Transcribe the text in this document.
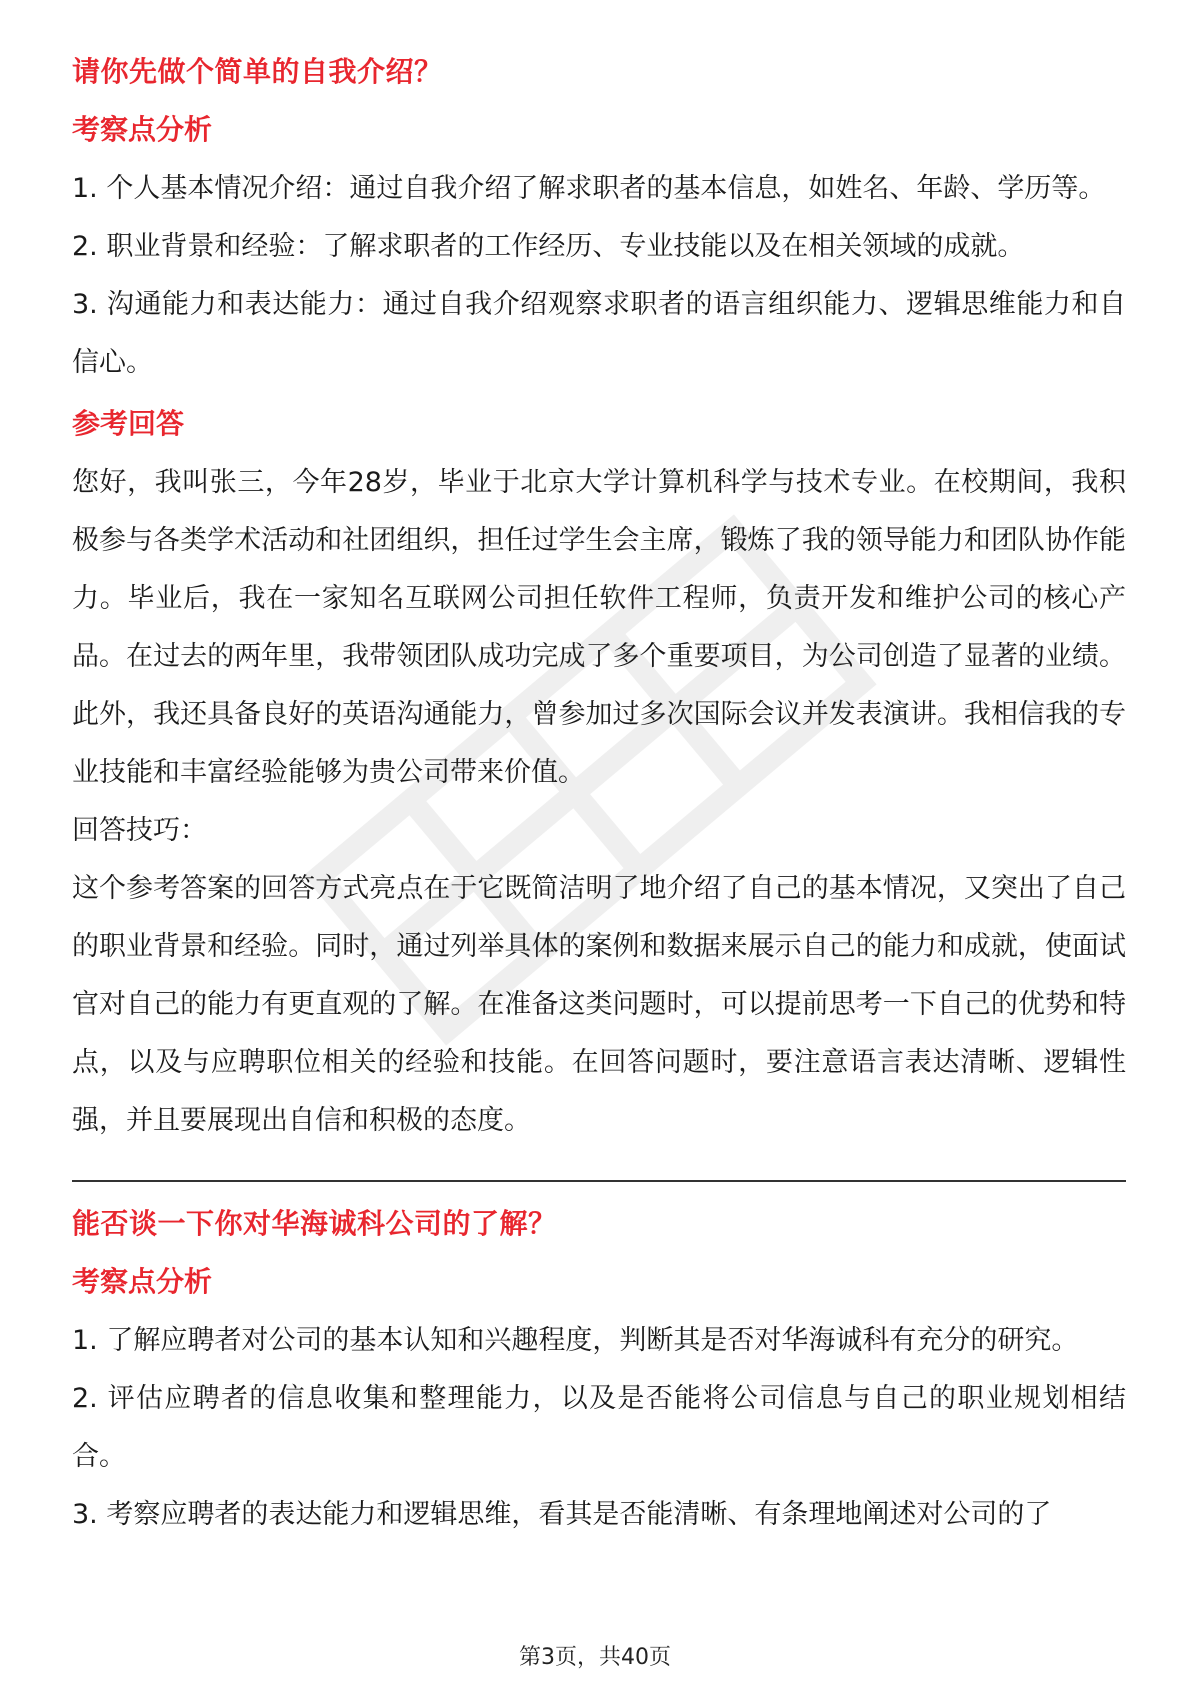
请你先做个简单的自我介绍？
考察点分析
1. 个人基本情况介绍：通过自我介绍了解求职者的基本信息，如姓名、年龄、学历等。
2. 职业背景和经验：了解求职者的工作经历、专业技能以及在相关领域的成就。
3. 沟通能力和表达能力：通过自我介绍观察求职者的语言组织能力、逻辑思维能力和自信心。
参考回答
您好，我叫张三，今年28岁，毕业于北京大学计算机科学与技术专业。在校期间，我积极参与各类学术活动和社团组织，担任过学生会主席，锻炼了我的领导能力和团队协作能力。毕业后，我在一家知名互联网公司担任软件工程师，负责开发和维护公司的核心产品。在过去的两年里，我带领团队成功完成了多个重要项目，为公司创造了显著的业绩。此外，我还具备良好的英语沟通能力，曾参加过多次国际会议并发表演讲。我相信我的专业技能和丰富经验能够为贵公司带来价值。
回答技巧：
这个参考答案的回答方式亮点在于它既简洁明了地介绍了自己的基本情况，又突出了自己的职业背景和经验。同时，通过列举具体的案例和数据来展示自己的能力和成就，使面试官对自己的能力有更直观的了解。在准备这类问题时，可以提前思考一下自己的优势和特点，以及与应聘职位相关的经验和技能。在回答问题时，要注意语言表达清晰、逻辑性强，并且要展现出自信和积极的态度。
能否谈一下你对华海诚科公司的了解？
考察点分析
1. 了解应聘者对公司的基本认知和兴趣程度，判断其是否对华海诚科有充分的研究。
2. 评估应聘者的信息收集和整理能力，以及是否能将公司信息与自己的职业规划相结合。
3. 考察应聘者的表达能力和逻辑思维，看其是否能清晰、有条理地阐述对公司的了
第3页，共40页
